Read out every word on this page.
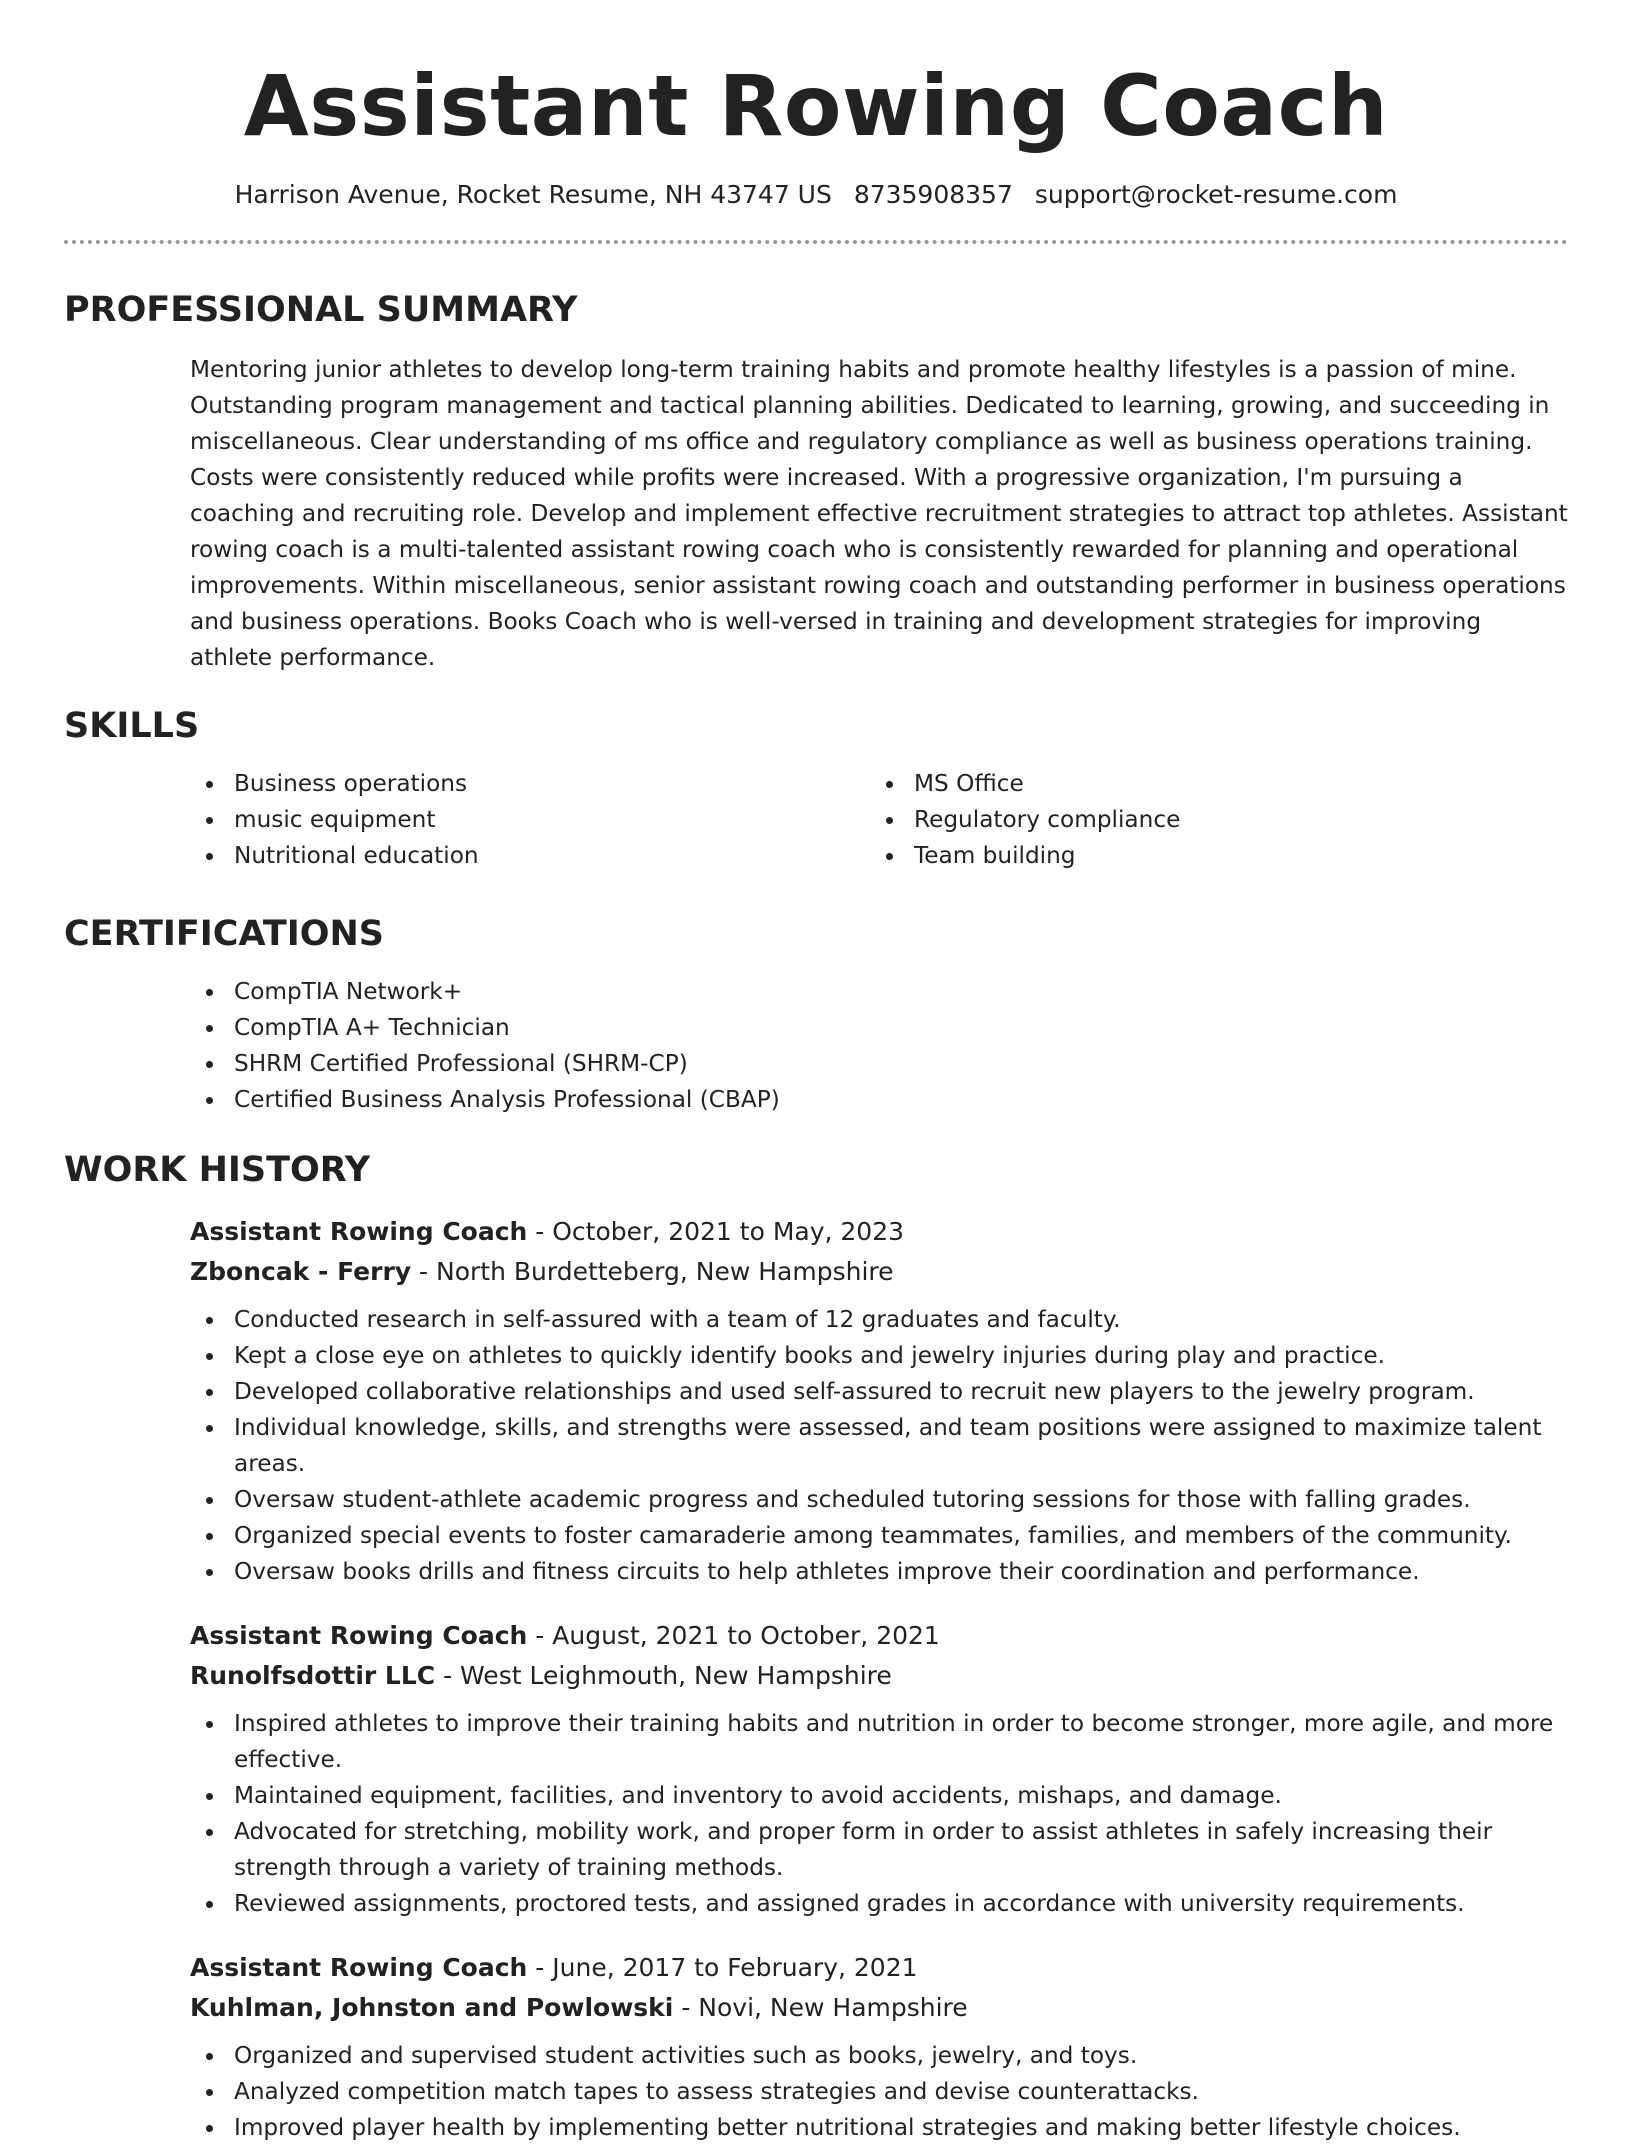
Assistant Rowing Coach
Harrison Avenue, Rocket Resume, NH 43747 US 8735908357 support@rocket-resume.com
PROFESSIONAL SUMMARY

Mentoring junior athletes to develop long-term training habits and promote healthy lifestyles is a passion of mine. Outstanding program management and tactical planning abilities. Dedicated to learning, growing, and succeeding in miscellaneous. Clear understanding of ms office and regulatory compliance as well as business operations training. Costs were consistently reduced while profits were increased. With a progressive organization, I'm pursuing a coaching and recruiting role. Develop and implement effective recruitment strategies to attract top athletes. Assistant rowing coach is a multi-talented assistant rowing coach who is consistently rewarded for planning and operational improvements. Within miscellaneous, senior assistant rowing coach and outstanding performer in business operations and business operations. Books Coach who is well-versed in training and development strategies for improving athlete performance.

SKILLS
Business operations
music equipment
Nutritional education
MS Office
Regulatory compliance
Team building
CERTIFICATIONS
CompTIA Network+
CompTIA A+ Technician
SHRM Certified Professional (SHRM-CP)
Certified Business Analysis Professional (CBAP)
WORK HISTORY
Assistant Rowing Coach - October, 2021 to May, 2023
Zboncak - Ferry - North Burdetteberg, New Hampshire
Conducted research in self-assured with a team of 12 graduates and faculty.
Kept a close eye on athletes to quickly identify books and jewelry injuries during play and practice.
Developed collaborative relationships and used self-assured to recruit new players to the jewelry program.
Individual knowledge, skills, and strengths were assessed, and team positions were assigned to maximize talent areas.
Oversaw student-athlete academic progress and scheduled tutoring sessions for those with falling grades.
Organized special events to foster camaraderie among teammates, families, and members of the community.
Oversaw books drills and fitness circuits to help athletes improve their coordination and performance.
Assistant Rowing Coach - August, 2021 to October, 2021
Runolfsdottir LLC - West Leighmouth, New Hampshire
Inspired athletes to improve their training habits and nutrition in order to become stronger, more agile, and more effective.
Maintained equipment, facilities, and inventory to avoid accidents, mishaps, and damage.
Advocated for stretching, mobility work, and proper form in order to assist athletes in safely increasing their strength through a variety of training methods.
Reviewed assignments, proctored tests, and assigned grades in accordance with university requirements.
Assistant Rowing Coach - June, 2017 to February, 2021
Kuhlman, Johnston and Powlowski - Novi, New Hampshire
Organized and supervised student activities such as books, jewelry, and toys.
Analyzed competition match tapes to assess strategies and devise counterattacks.
Improved player health by implementing better nutritional strategies and making better lifestyle choices.
